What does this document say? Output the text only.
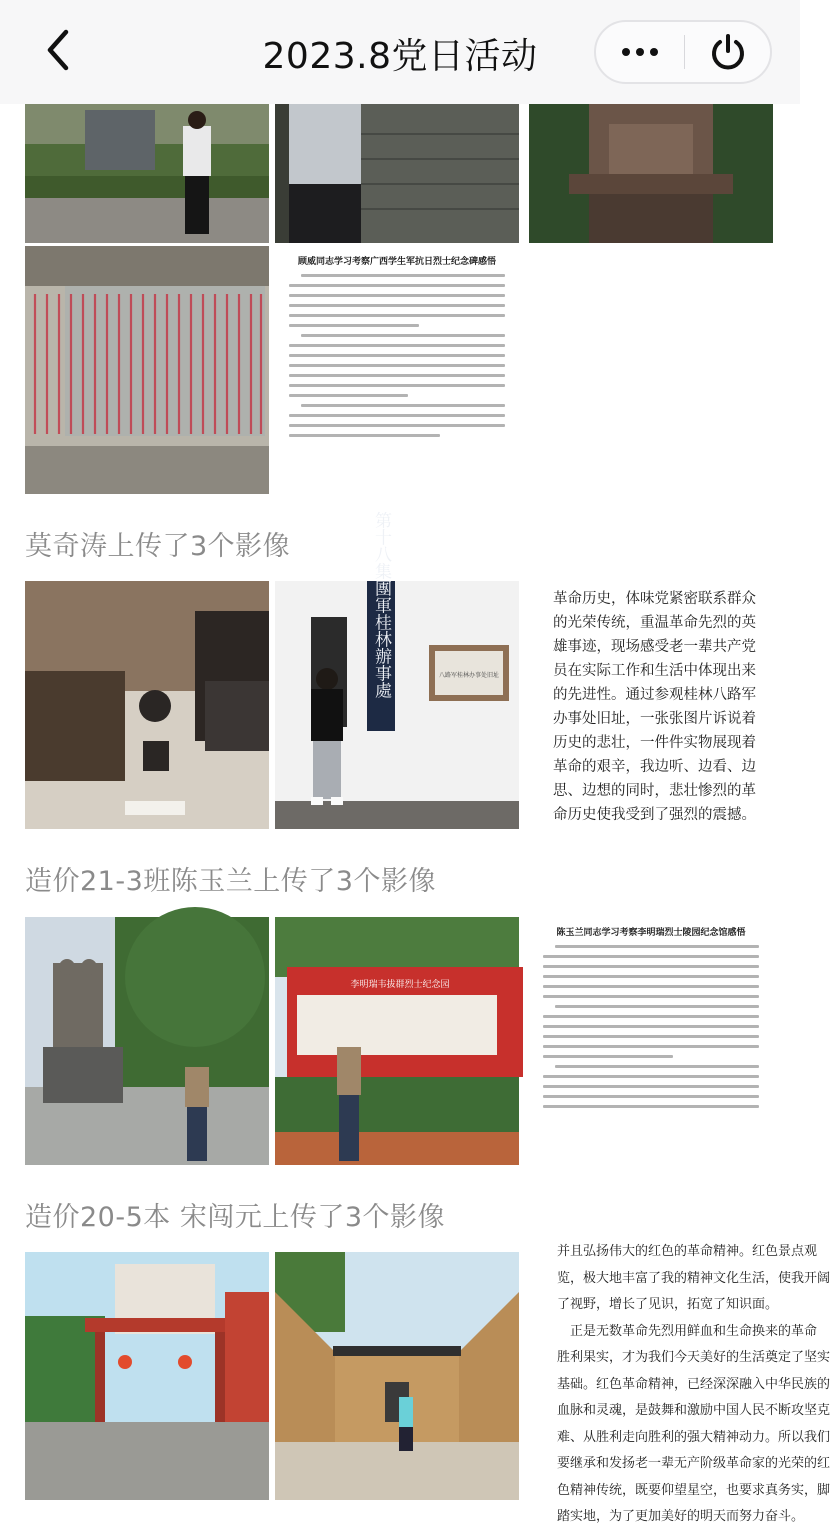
2023.8党日活动
顾威同志学习考察广西学生军抗日烈士纪念碑感悟
莫奇涛上传了3个影像	第十八集團軍桂林辦事處	八路军桂林办事处旧址

革命历史，体味党紧密联系群众

的光荣传统，重温革命先烈的英

雄事迹，现场感受老一辈共产党

员在实际工作和生活中体现出来

的先进性。通过参观桂林八路军

办事处旧址，一张张图片诉说着

历史的悲壮，一件件实物展现着

革命的艰辛，我边听、边看、边

思、边想的同时，悲壮惨烈的革

命历史使我受到了强烈的震撼。

造价21-3班陈玉兰上传了3个影像
李明瑞韦拔群烈士纪念园
陈玉兰同志学习考察李明瑞烈士陵园纪念馆感悟
造价20-5本 宋闯元上传了3个影像

并且弘扬伟大的红色的革命精神。红色景点观

览，极大地丰富了我的精神文化生活，使我开阔

了视野，增长了见识，拓宽了知识面。

　正是无数革命先烈用鲜血和生命换来的革命

胜利果实，才为我们今天美好的生活奠定了坚实

基础。红色革命精神，已经深深融入中华民族的

血脉和灵魂，是鼓舞和激励中国人民不断攻坚克

难、从胜利走向胜利的强大精神动力。所以我们

要继承和发扬老一辈无产阶级革命家的光荣的红

色精神传统，既要仰望星空，也要求真务实，脚

踏实地，为了更加美好的明天而努力奋斗。
